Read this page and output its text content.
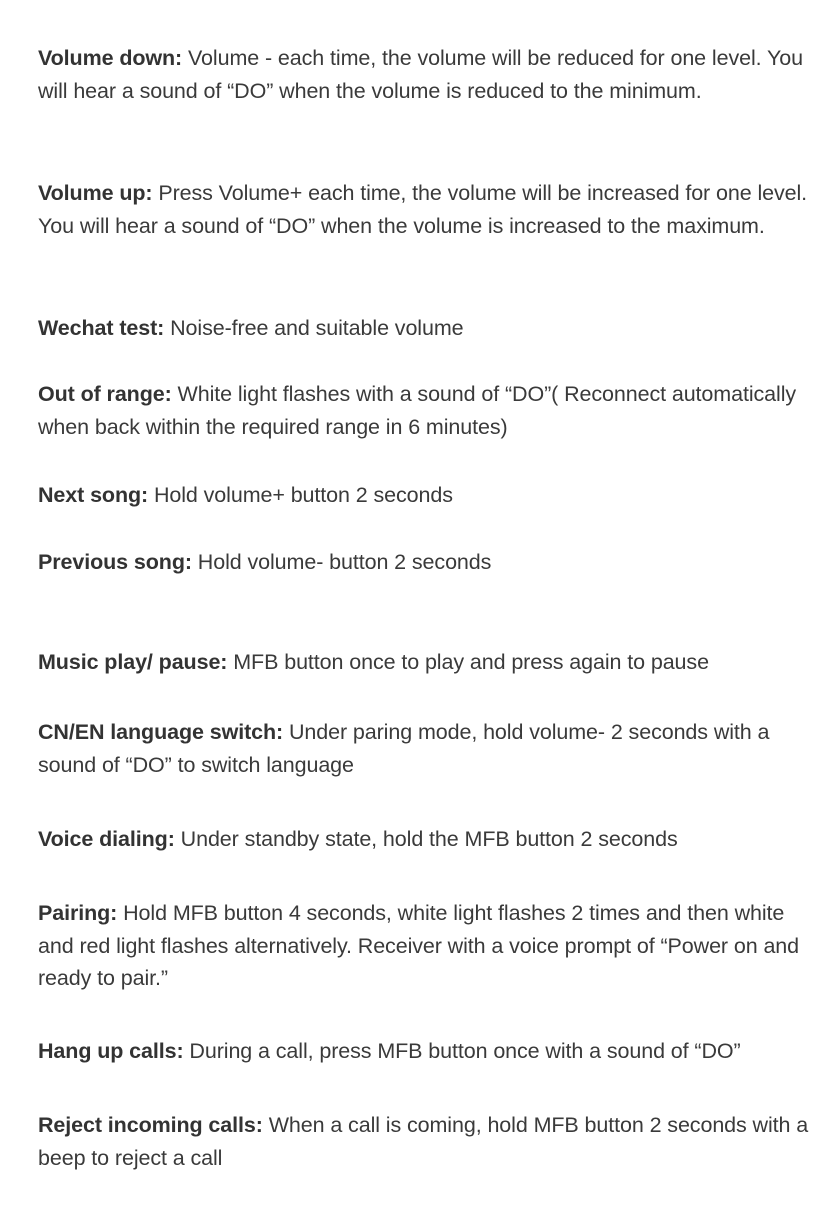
Volume down: Volume - each time, the volume will be reduced for one level. You will hear a sound of “DO” when the volume is reduced to the minimum.

Volume up: Press Volume+ each time, the volume will be increased for one level. You will hear a sound of “DO” when the volume is increased to the maximum.

Wechat test: Noise-free and suitable volume

Out of range: White light flashes with a sound of “DO”( Reconnect automatically when back within the required range in 6 minutes)

Next song: Hold volume+ button 2 seconds

Previous song: Hold volume- button 2 seconds

Music play/ pause: MFB button once to play and press again to pause

CN/EN language switch: Under paring mode, hold volume- 2 seconds with a sound of “DO” to switch language

Voice dialing: Under standby state, hold the MFB button 2 seconds

Pairing: Hold MFB button 4 seconds, white light flashes 2 times and then white and red light flashes alternatively. Receiver with a voice prompt of “Power on and ready to pair.”

Hang up calls: During a call, press MFB button once with a sound of “DO”

Reject incoming calls: When a call is coming, hold MFB button 2 seconds with a beep to reject a call
